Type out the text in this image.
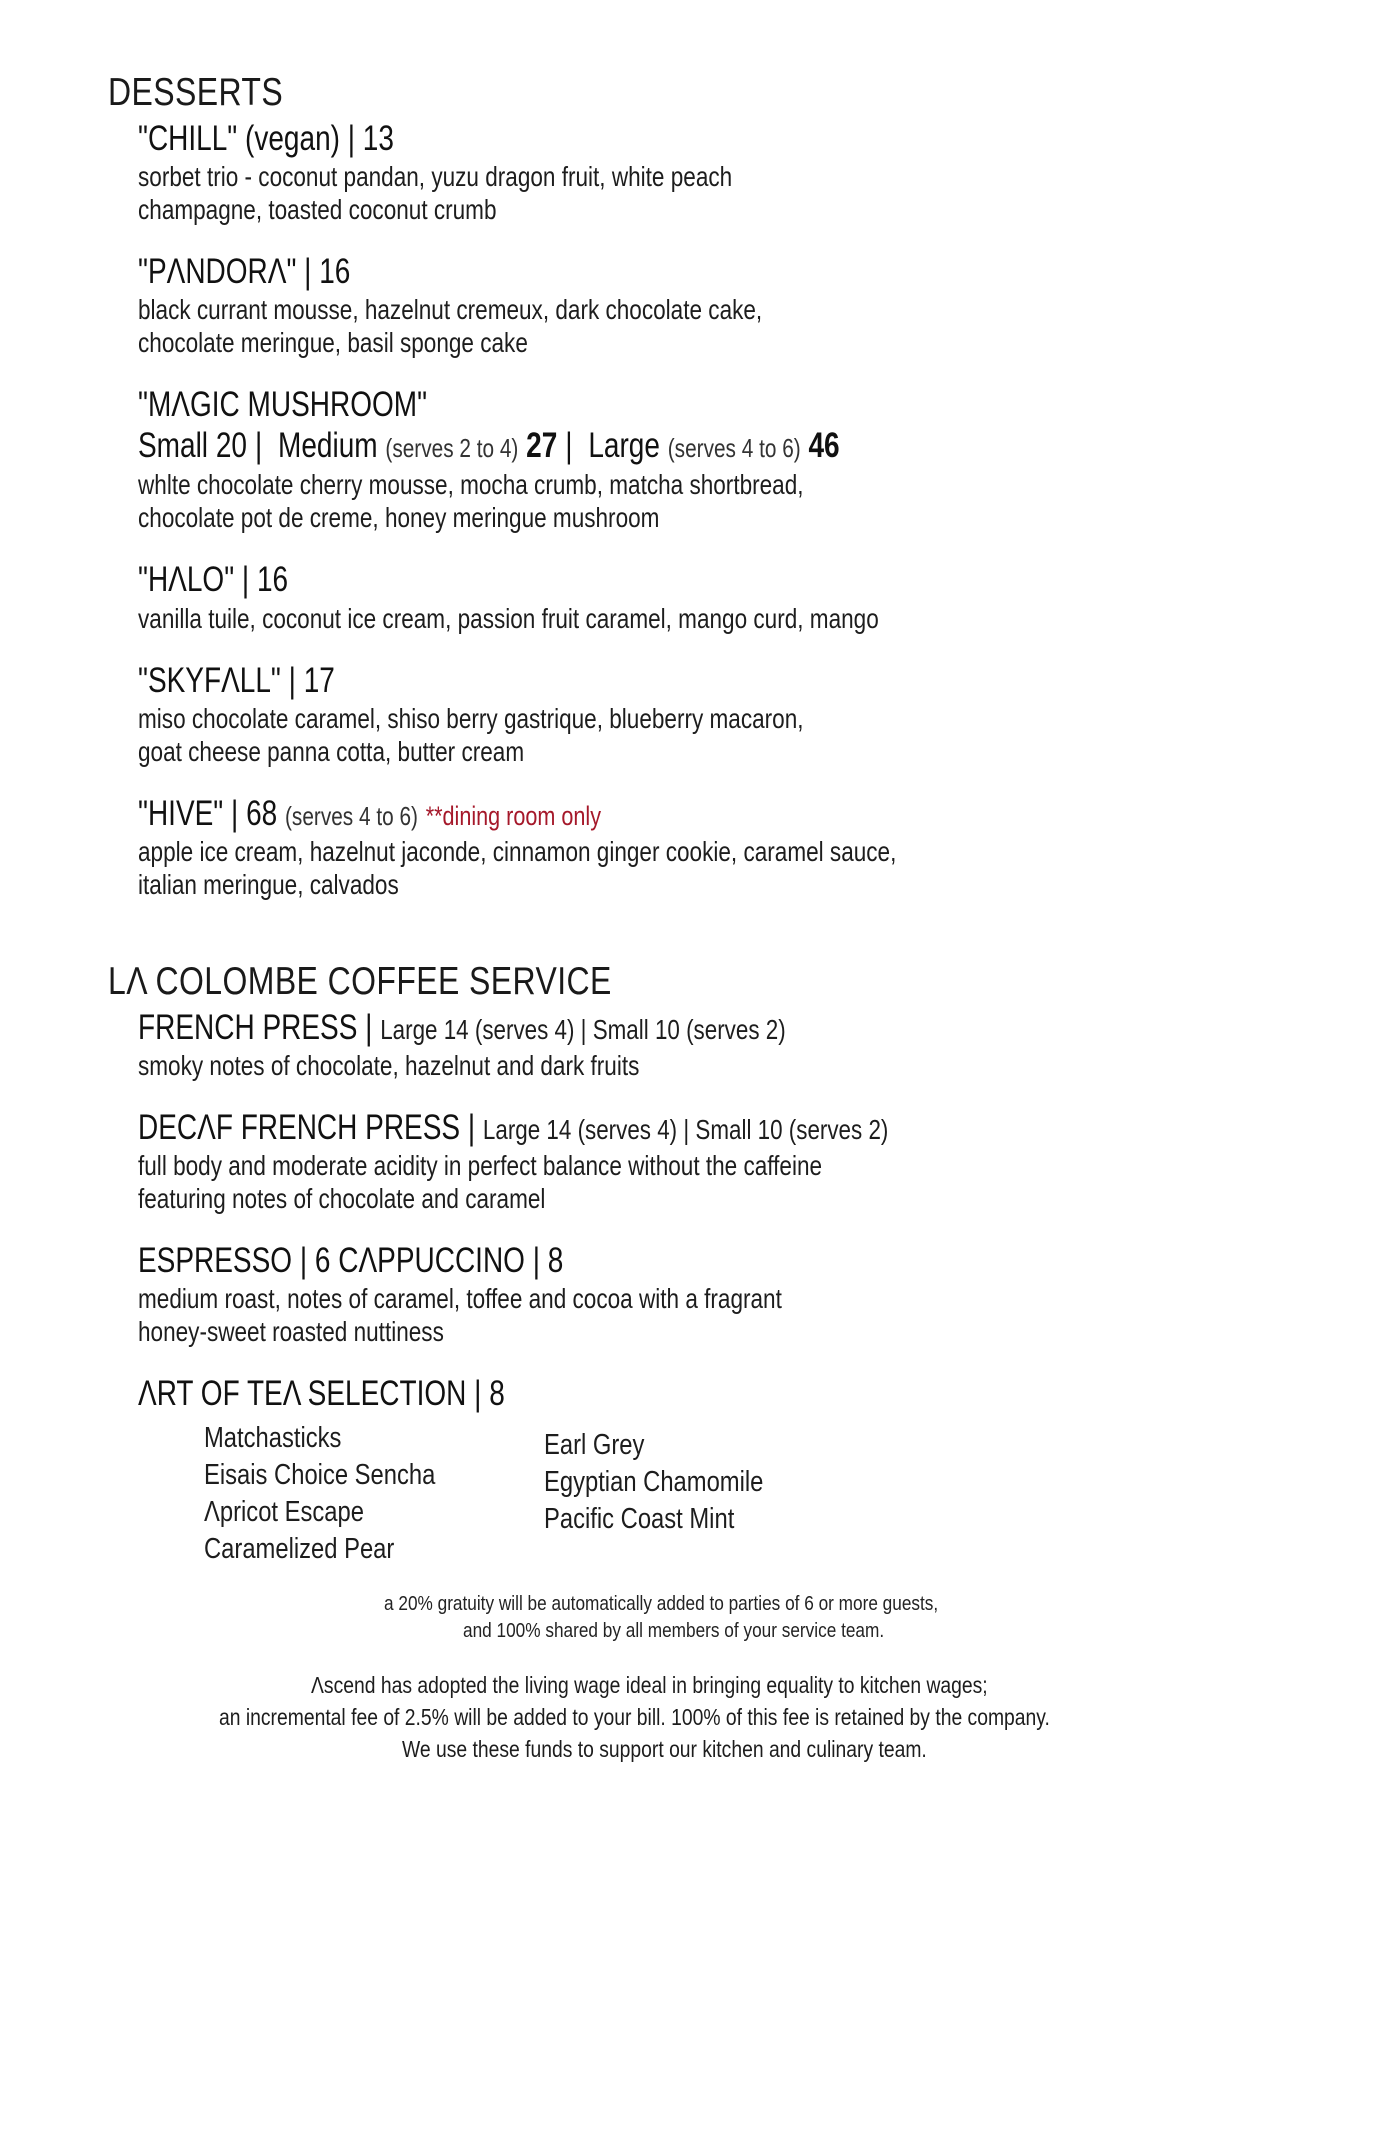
DESSERTS
"CHILL" (vegan) | 13
sorbet trio - coconut pandan, yuzu dragon fruit, white peach
champagne, toasted coconut crumb
"PΛNDORΛ" | 16
black currant mousse, hazelnut cremeux, dark chocolate cake,
chocolate meringue, basil sponge cake
"MΛGIC MUSHROOM"
Small 20 | Medium (serves 2 to 4) 27 | Large (serves 4 to 6) 46
whlte chocolate cherry mousse, mocha crumb, matcha shortbread,
chocolate pot de creme, honey meringue mushroom
"HΛLO" | 16
vanilla tuile, coconut ice cream, passion fruit caramel, mango curd, mango
"SKYFΛLL" | 17
miso chocolate caramel, shiso berry gastrique, blueberry macaron,
goat cheese panna cotta, butter cream
"HIVE" | 68 (serves 4 to 6) **dining room only
apple ice cream, hazelnut jaconde, cinnamon ginger cookie, caramel sauce,
italian meringue, calvados
LΛ COLOMBE COFFEE SERVICE
FRENCH PRESS | Large 14 (serves 4) | Small 10 (serves 2)
smoky notes of chocolate, hazelnut and dark fruits
DECΛF FRENCH PRESS | Large 14 (serves 4) | Small 10 (serves 2)
full body and moderate acidity in perfect balance without the caffeine
featuring notes of chocolate and caramel
ESPRESSO | 6 CΛPPUCCINO | 8
medium roast, notes of caramel, toffee and cocoa with a fragrant
honey-sweet roasted nuttiness
ΛRT OF TEΛ SELECTION | 8
Matchasticks
Eisais Choice Sencha
Λpricot Escape
Caramelized Pear
Earl Grey
Egyptian Chamomile
Pacific Coast Mint
a 20% gratuity will be automatically added to parties of 6 or more guests,
and 100% shared by all members of your service team.
Λscend has adopted the living wage ideal in bringing equality to kitchen wages;
an incremental fee of 2.5% will be added to your bill. 100% of this fee is retained by the company.
We use these funds to support our kitchen and culinary team.
